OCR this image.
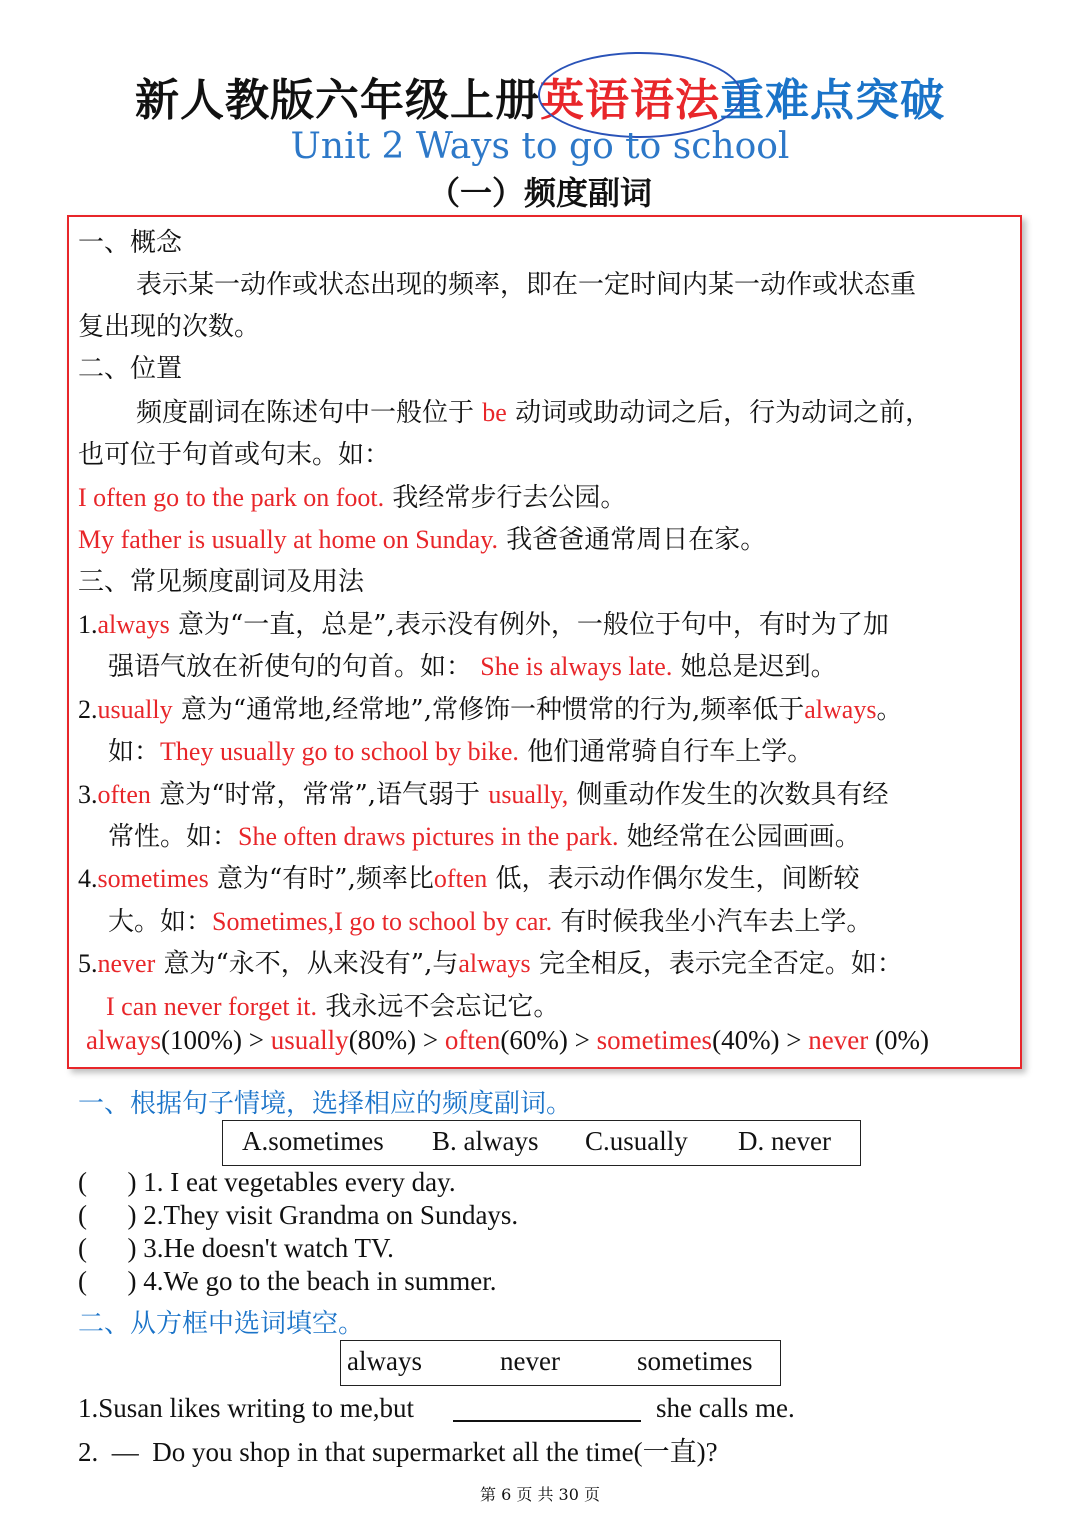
新人教版六年级上册英语语法重难点突破
Unit 2 Ways to go to school
（一）频度副词
一、概念
表示某一动作或状态出现的频率，即在一定时间内某一动作或状态重
复出现的次数。
二、位置
频度副词在陈述句中一般位于 be 动词或助动词之后，行为动词之前，
也可位于句首或句末。如：
I often go to the park on foot. 我经常步行去公园。
My father is usually at home on Sunday. 我爸爸通常周日在家。
三、常见频度副词及用法
1.always 意为“一直，总是”,表示没有例外，一般位于句中，有时为了加
强语气放在祈使句的句首。如： She is always late. 她总是迟到。
2.usually 意为“通常地,经常地”,常修饰一种惯常的行为,频率低于always。
如：They usually go to school by bike. 他们通常骑自行车上学。
3.often 意为“时常，常常”,语气弱于 usually, 侧重动作发生的次数具有经
常性。如：She often draws pictures in the park. 她经常在公园画画。
4.sometimes 意为“有时”,频率比often 低，表示动作偶尔发生，间断较
大。如：Sometimes,I go to school by car. 有时候我坐小汽车去上学。
5.never 意为“永不，从来没有”,与always 完全相反，表示完全否定。如：
I can never forget it. 我永远不会忘记它。
always(100%) > usually(80%) > often(60%) > sometimes(40%) > never (0%)
一、根据句子情境，选择相应的频度副词。
A.sometimes B. always C.usually D. never
(      ) 1. I eat vegetables every day.
(      ) 2.They visit Grandma on Sundays.
(      ) 3.He doesn't watch TV.
(      ) 4.We go to the beach in summer.
二、从方框中选词填空。
always	never	sometimes
1.Susan likes writing to me,but	she calls me.
2.  —  Do you shop in that supermarket all the time(一直)?
第 6 页 共 30 页
